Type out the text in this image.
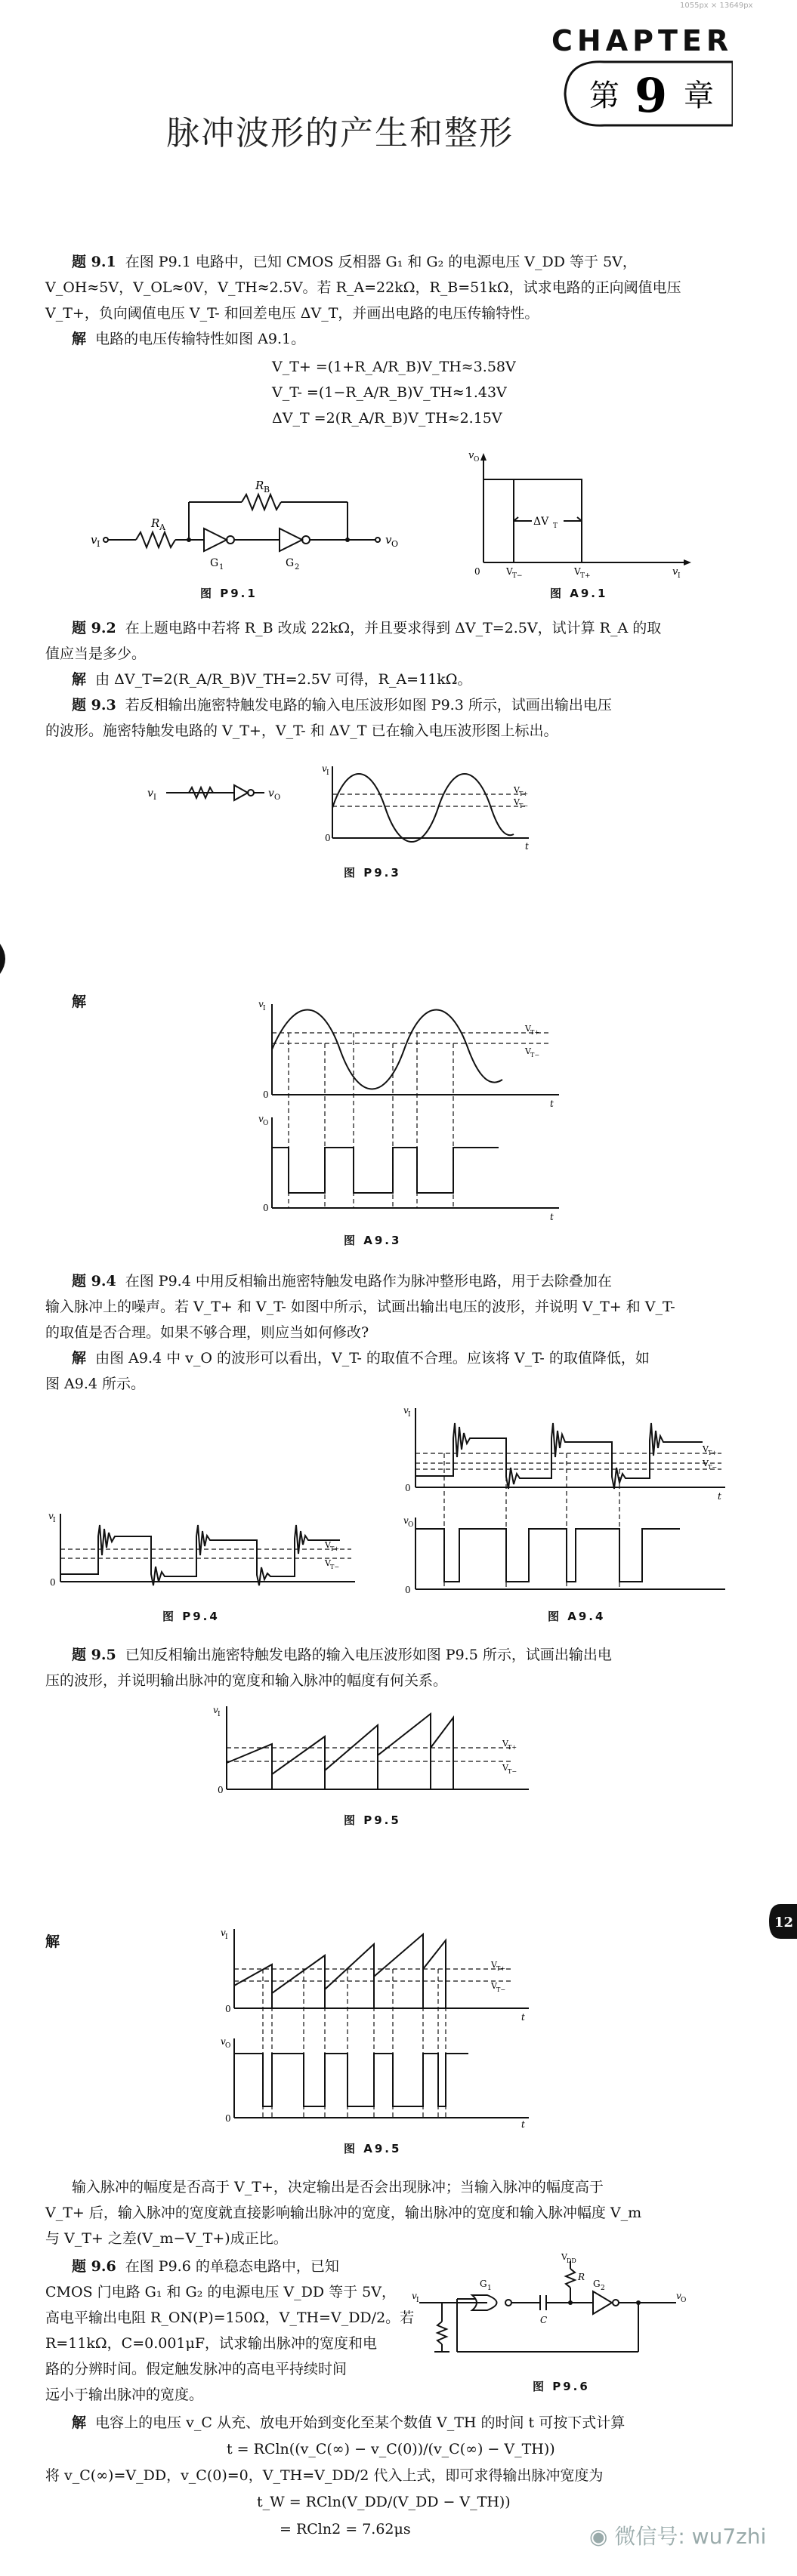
1055px × 13649px
CHAPTER
第 9 章
脉冲波形的产生和整形
题 9.1 在图 P9.1 电路中，已知 CMOS 反相器 G₁ 和 G₂ 的电源电压 V_DD 等于 5V，
V_OH≈5V，V_OL≈0V，V_TH≈2.5V。若 R_A=22kΩ，R_B=51kΩ，试求电路的正向阈值电压
V_T+，负向阈值电压 V_T- 和回差电压 ΔV_T，并画出电路的电压传输特性。
解 电路的电压传输特性如图 A9.1。
V_T+ =(1+R_A/R_B)V_TH≈3.58V
V_T- =(1−R_A/R_B)V_TH≈1.43V
ΔV_T =2(R_A/R_B)V_TH≈2.15V
v I
R A
R B
G 1	G 2
v O
图 P9.1
v O
ΔV T
V T−	V T+
0	v I
图 A9.1
题 9.2 在上题电路中若将 R_B 改成 22kΩ，并且要求得到 ΔV_T=2.5V，试计算 R_A 的取
值应当是多少。
解 由 ΔV_T=2(R_A/R_B)V_TH=2.5V 可得，R_A=11kΩ。
题 9.3 若反相输出施密特触发电路的输入电压波形如图 P9.3 所示，试画出输出电压
的波形。施密特触发电路的 V_T+，V_T- 和 ΔV_T 已在输入电压波形图上标出。
v I	v O
v I
0
V T+
V T−
t
图 P9.3
解	v I
v O
0
0
V T+
V T−
t
t
图 A9.3
题 9.4 在图 P9.4 中用反相输出施密特触发电路作为脉冲整形电路，用于去除叠加在
输入脉冲上的噪声。若 V_T+ 和 V_T- 如图中所示，试画出输出电压的波形，并说明 V_T+ 和 V_T-
的取值是否合理。如果不够合理，则应当如何修改?
解 由图 A9.4 中 v_O 的波形可以看出，V_T- 的取值不合理。应该将 V_T- 的取值降低，如
图 A9.4 所示。
v I
0
V T+
V T−
图 P9.4
v I
v O
0
0
V T+
V T−
t
图 A9.4
题 9.5 已知反相输出施密特触发电路的输入电压波形如图 P9.5 所示，试画出输出电
压的波形，并说明输出脉冲的宽度和输入脉冲的幅度有何关系。
v I
0
V T+
V T−
图 P9.5
解
v I
v O
0
0
V T+
V T−
t
t
图 A9.5
输入脉冲的幅度是否高于 V_T+，决定输出是否会出现脉冲；当输入脉冲的幅度高于
V_T+ 后，输入脉冲的宽度就直接影响输出脉冲的宽度，输出脉冲的宽度和输入脉冲幅度 V_m
与 V_T+ 之差(V_m−V_T+)成正比。
题 9.6 在图 P9.6 的单稳态电路中，已知
CMOS 门电路 G₁ 和 G₂ 的电源电压 V_DD 等于 5V，
高电平输出电阻 R_ON(P)=150Ω，V_TH=V_DD/2。若
R=11kΩ，C=0.001μF，试求输出脉冲的宽度和电
路的分辨时间。假定触发脉冲的高电平持续时间
远小于输出脉冲的宽度。
v I
G 1
C
R
V DD
G 2
v O
图 P9.6
解 电容上的电压 v_C 从充、放电开始到变化至某个数值 V_TH 的时间 t 可按下式计算
t = RCln((v_C(∞) − v_C(0))/(v_C(∞) − V_TH))
将 v_C(∞)=V_DD，v_C(0)=0，V_TH=V_DD/2 代入上式，即可求得输出脉冲宽度为
t_W = RCln(V_DD/(V_DD − V_TH))
= RCln2 = 7.62μs
12
◉ 微信号: wu7zhi
